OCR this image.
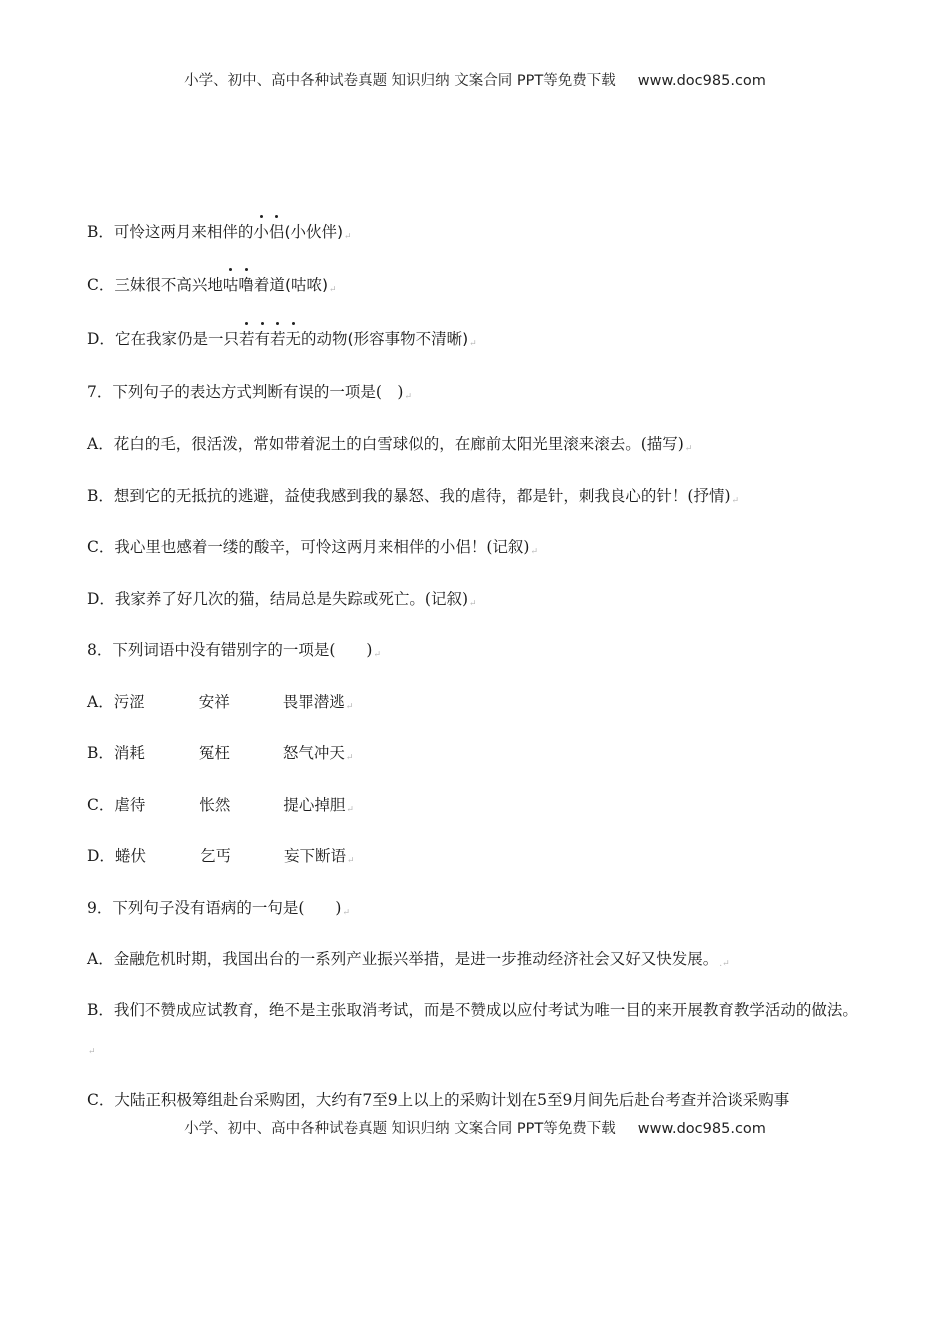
小学、初中、高中各种试卷真题 知识归纳 文案合同 PPT等免费下载 www.doc985.com
B．可怜这两月来相伴的小侣(小伙伴)↵
C．三妹很不高兴地咕噜着道(咕哝)↵
D．它在我家仍是一只若有若无的动物(形容事物不清晰)↵
7．下列句子的表达方式判断有误的一项是(　)↵
A．花白的毛，很活泼，常如带着泥土的白雪球似的，在廊前太阳光里滚来滚去。(描写)↵
B．想到它的无抵抗的逃避，益使我感到我的暴怒、我的虐待，都是针，刺我良心的针！(抒情)↵
C．我心里也感着一缕的酸辛，可怜这两月来相伴的小侣！(记叙)↵
D．我家养了好几次的猫，结局总是失踪或死亡。(记叙)↵
8．下列词语中没有错别字的一项是(　　)↵
A．污涩	安祥	畏罪潜逃↵
B．消耗	冤枉	怒气冲天↵
C．虐待	怅然	提心掉胆↵
D．蜷伏	乞丐	妄下断语↵
9．下列句子没有语病的一句是(　　)↵
A．金融危机时期，我国出台的一系列产业振兴举措，是进一步推动经济社会又好又快发展。.↵
B．我们不赞成应试教育，绝不是主张取消考试，而是不赞成以应付考试为唯一目的来开展教育教学活动的做法。↵
C．大陆正积极筹组赴台采购团，大约有7至9上以上的采购计划在5至9月间先后赴台考查并洽谈采购事
小学、初中、高中各种试卷真题 知识归纳 文案合同 PPT等免费下载 www.doc985.com
